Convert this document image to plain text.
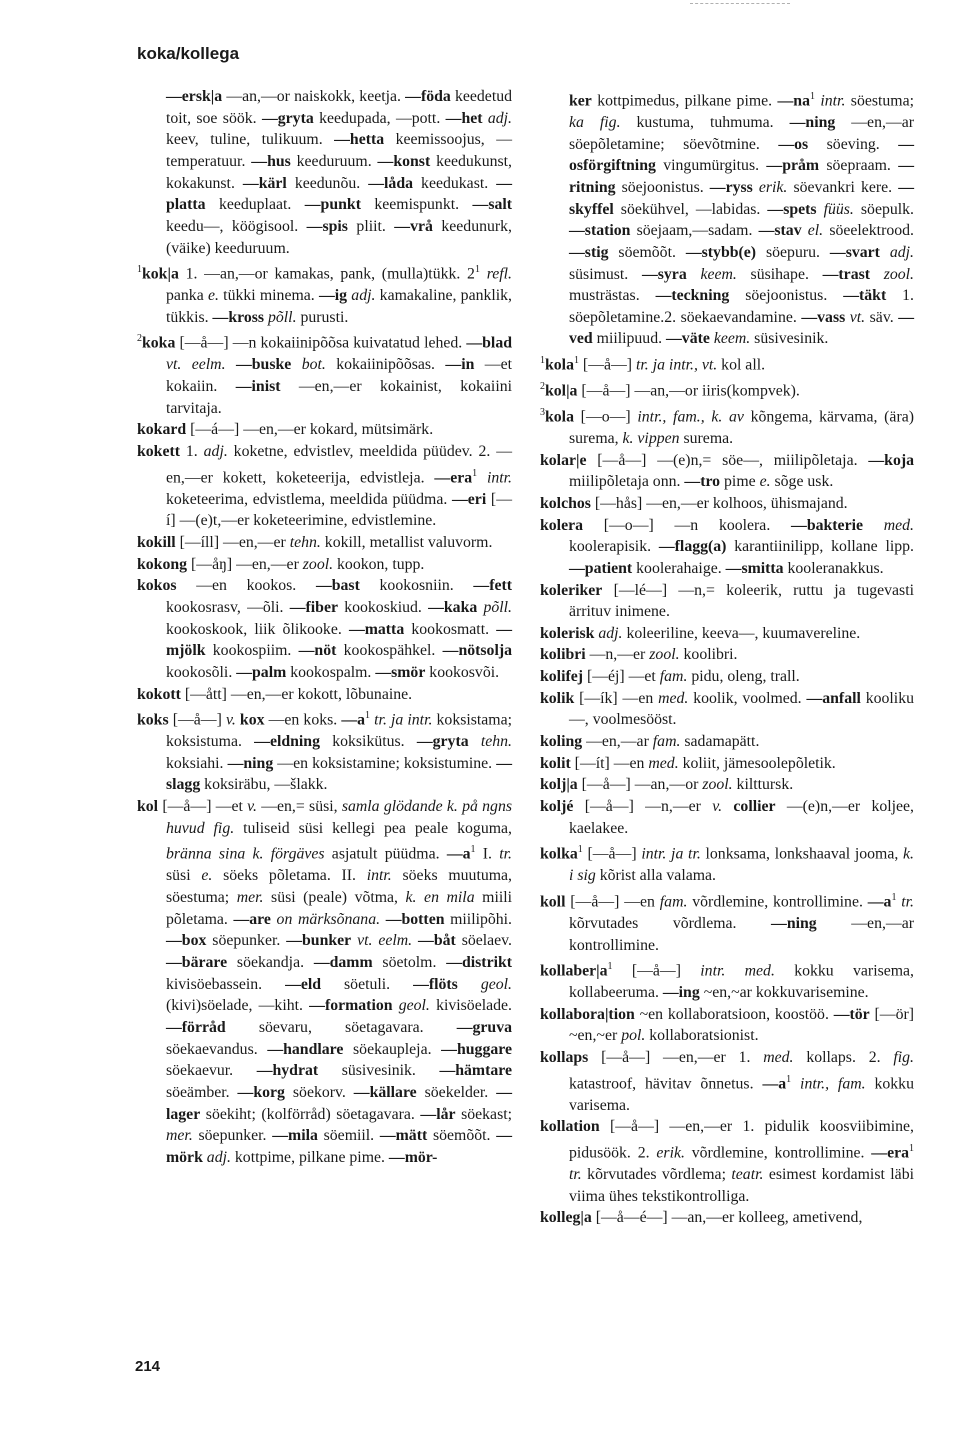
koka/kollega

—ersk|a —an,—or naiskokk, keetja. —föda keedetud toit, soe söök. —gryta keedupada, —pott. —het adj. keev, tuline, tulikuum. —hetta keemissoojus, —temperatuur. —hus keeduruum. —konst keedukunst, kokakunst. —kärl keedunõu. —låda keedukast. —platta keeduplaat. —punkt keemispunkt. —salt keedu—, köögisool. —spis pliit. —vrå keedunurk, (väike) keeduruum.

$^1$kok|a 1. —an,—or kamakas, pank, (mulla)tükk. $2^1$ refl. panka e. tükki minema. —ig adj. kamakaline, panklik, tükkis. —kross põll. purusti.

$^2$koka [—å—] —n kokaiinipõõsa kuivatatud lehed. —blad vt. eelm. —buske bot. kokaiinipõõsas. —in —et kokaiin. —inist —en,—er kokainist, kokaiini tarvitaja.

kokard [—á—] —en,—er kokard, mütsimärk.

kokett 1. adj. koketne, edvistlev, meeldida püüdev. 2. —en,—er kokett, koketeerija, edvistleja. —era$^1$ intr. koketeerima, edvistlema, meeldida püüdma. —eri [—í] —(e)t,—er koketeerimine, edvistlemine.

kokill [—íll] —en,—er tehn. kokill, metallist valuvorm.

kokong [—åŋ] —en,—er zool. kookon, tupp.

kokos —en kookos. —bast kookosniin. —fett kookosrasv, —õli. —fiber kookoskiud. —kaka põll. kookoskook, liik õlikooke. —matta kookosmatt. —mjölk kookospiim. —nöt kookospähkel. —nötsolja kookosõli. —palm kookospalm. —smör kookosvõi.

kokott [—ått] —en,—er kokott, lõbunaine.

koks [—å—] v. kox —en koks. $—a^1$ tr. ja intr. koksistama; koksistuma. —eldning koksikütus. —gryta tehn. koksiahi. —ning —en koksistamine; koksistumine. —slagg koksiräbu, —šlakk.

kol [—å—] —et v. —en,= süsi, samla glödande k. på ngns huvud fig. tuliseid süsi kellegi pea peale koguma, bränna sina k. förgäves asjatult püüdma. $—a^1$ I. tr. süsi e. söeks põletama. II. intr. söeks muutuma, söestuma; mer. süsi (peale) võtma, k. en mila miili põletama. —are on märksõnana. —botten miilipõhi. —box söepunker. —bunker vt. eelm. —båt söelaev. —bärare söekandja. —damm söetolm. —distrikt kivisöebassein. —eld söetuli. —flöts geol. (kivi)söelade, —kiht. —formation geol. kivisöelade. —förråd söevaru, söetagavara. —gruva söekaevandus. —handlare söekaupleja. —huggare söekaevur. —hydrat süsivesinik. —hämtare söeämber. —korg söekorv. —källare söekelder. —lager söekiht; (kolförråd) söetagavara. —lår söekast; mer. söepunker. —mila söemiil. —mätt söemõõt. —mörk adj. kottpime, pilkane pime. —mör-

ker kottpimedus, pilkane pime. $—na^1$ intr. söestuma; ka fig. kustuma, tuhmuma. —ning —en,—ar söepõletamine; söevõtmine. —os söeving. —osförgiftning vingumürgitus. —pråm söepraam. —ritning söejoonistus. —ryss erik. söevankri kere. —skyffel söekühvel, —labidas. —spets füüs. söepulk. —station söejaam,—sadam. —stav el. söeelektrood. —stig söemõõt. —stybb(e) söepuru. —svart adj. süsimust. —syra keem. süsihape. —trast zool. musträstas. —teckning söejoonistus. —täkt 1. söepõletamine.2. söekaevandamine. —vass vt. säv. —ved miilipuud. —väte keem. süsivesinik.

$^1$kola$^1$ [—å—] tr. ja intr., vt. kol all.

$^2$kol|a [—å—] —an,—or iiris(kompvek).

$^3$kola [—o—] intr., fam., k. av kõngema, kärvama, (ära) surema, k. vippen surema.

kolar|e [—å—] —(e)n,= söe—, miilipõletaja. —koja miilipõletaja onn. —tro pime e. sõge usk.

kolchos [—hås] —en,—er kolhoos, ühismajand.

kolera [—o—] —n koolera. —bakterie med. koolerapisik. —flagg(a) karantiinilipp, kollane lipp. —patient koolerahaige. —smitta kooleranakkus.

koleriker [—lé—] —n,= koleerik, ruttu ja tugevasti ärrituv inimene.

kolerisk adj. koleeriline, keeva—, kuumavereline.

kolibri —n,—er zool. koolibri.

kolifej [—éj] —et fam. pidu, oleng, trall.

kolik [—ík] —en med. koolik, voolmed. —anfall kooliku—, voolmesööst.

koling —en,—ar fam. sadamapätt.

kolit [—ít] —en med. koliit, jämesoolepõletik.

kolj|a [—å—] —an,—or zool. kilttursk.

koljé [—å—] —n,—er v. collier —(e)n,—er koljee, kaelakee.

kolka$^1$ [—å—] intr. ja tr. lonksama, lonkshaaval jooma, k. i sig kõrist alla valama.

koll [—å—] —en fam. võrdlemine, kontrollimine. $—a^1$ tr. kõrvutades võrdlema. —ning —en,—ar kontrollimine.

$kollaber|a^1$ [—å—] intr. med. kokku varisema, kollabeeruma. —ing ~en,~ar kokkuvarisemine.

kollabora|tion ~en kollaboratsioon, koostöö. —tör [—ör] ~en,~er pol. kollaboratsionist.

kollaps [—å—] —en,—er 1. med. kollaps. 2. fig. katastroof, hävitav õnnetus. $—a^1$ intr., fam. kokku varisema.

kollation [—å—] —en,—er 1. pidulik koosviibimine, pidusöök. 2. erik. võrdlemine, kontrollimine. —era$^1$ tr. kõrvutades võrdlema; teatr. esimest kordamist läbi viima ühes tekstikontrolliga.

kolleg|a [—å—é—] —an,—er kolleeg, ametivend,

214
